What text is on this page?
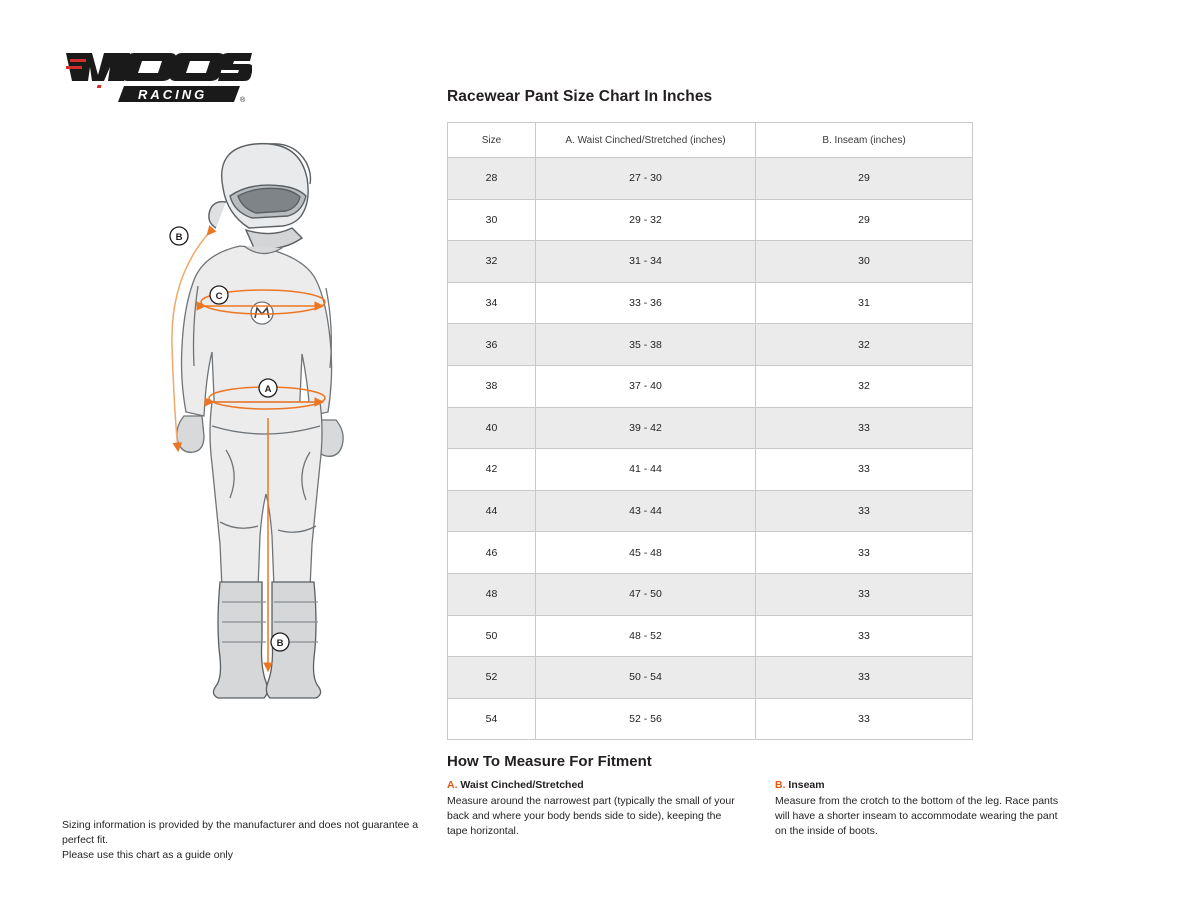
RACING	®
A
B
B
C
Sizing information is provided by the manufacturer and does not guarantee a perfect fit.
Please use this chart as a guide only
Racewear Pant Size Chart In Inches
Size	A. Waist Cinched/Stretched (inches)	B. Inseam (inches)
28	27 - 30	29
30	29 - 32	29
32	31 - 34	30
34	33 - 36	31
36	35 - 38	32
38	37 - 40	32
40	39 - 42	33
42	41 - 44	33
44	43 - 44	33
46	45 - 48	33
48	47 - 50	33
50	48 - 52	33
52	50 - 54	33
54	52 - 56	33
How To Measure For Fitment
A. Waist Cinched/Stretched

Measure around the narrowest part (typically the small of your back and where your body bends side to side), keeping the tape horizontal.

B. Inseam

Measure from the crotch to the bottom of the leg. Race pants will have a shorter inseam to accommodate wearing the pant on the inside of boots.
